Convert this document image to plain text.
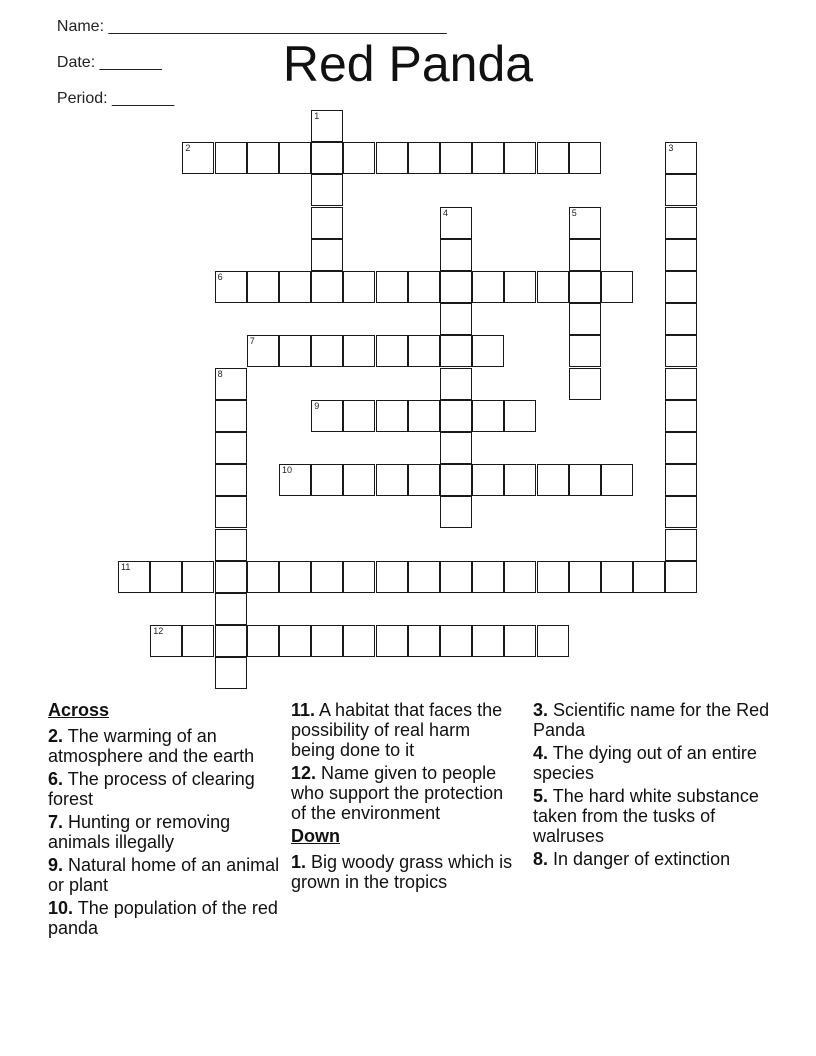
Name: ______________________________________

Date: _______

Period: _______

Red Panda
1
2	3
4	5
6
7
8
9
10
11
12
Across
2. The warming of an atmosphere and the earth
6. The process of clearing forest
7. Hunting or removing animals illegally
9. Natural home of an animal or plant
10. The population of the red panda
11. A habitat that faces the possibility of real harm being done to it
12. Name given to people who support the protection of the environment
Down
1. Big woody grass which is grown in the tropics
3. Scientific name for the Red Panda
4. The dying out of an entire species
5. The hard white substance taken from the tusks of walruses
8. In danger of extinction
